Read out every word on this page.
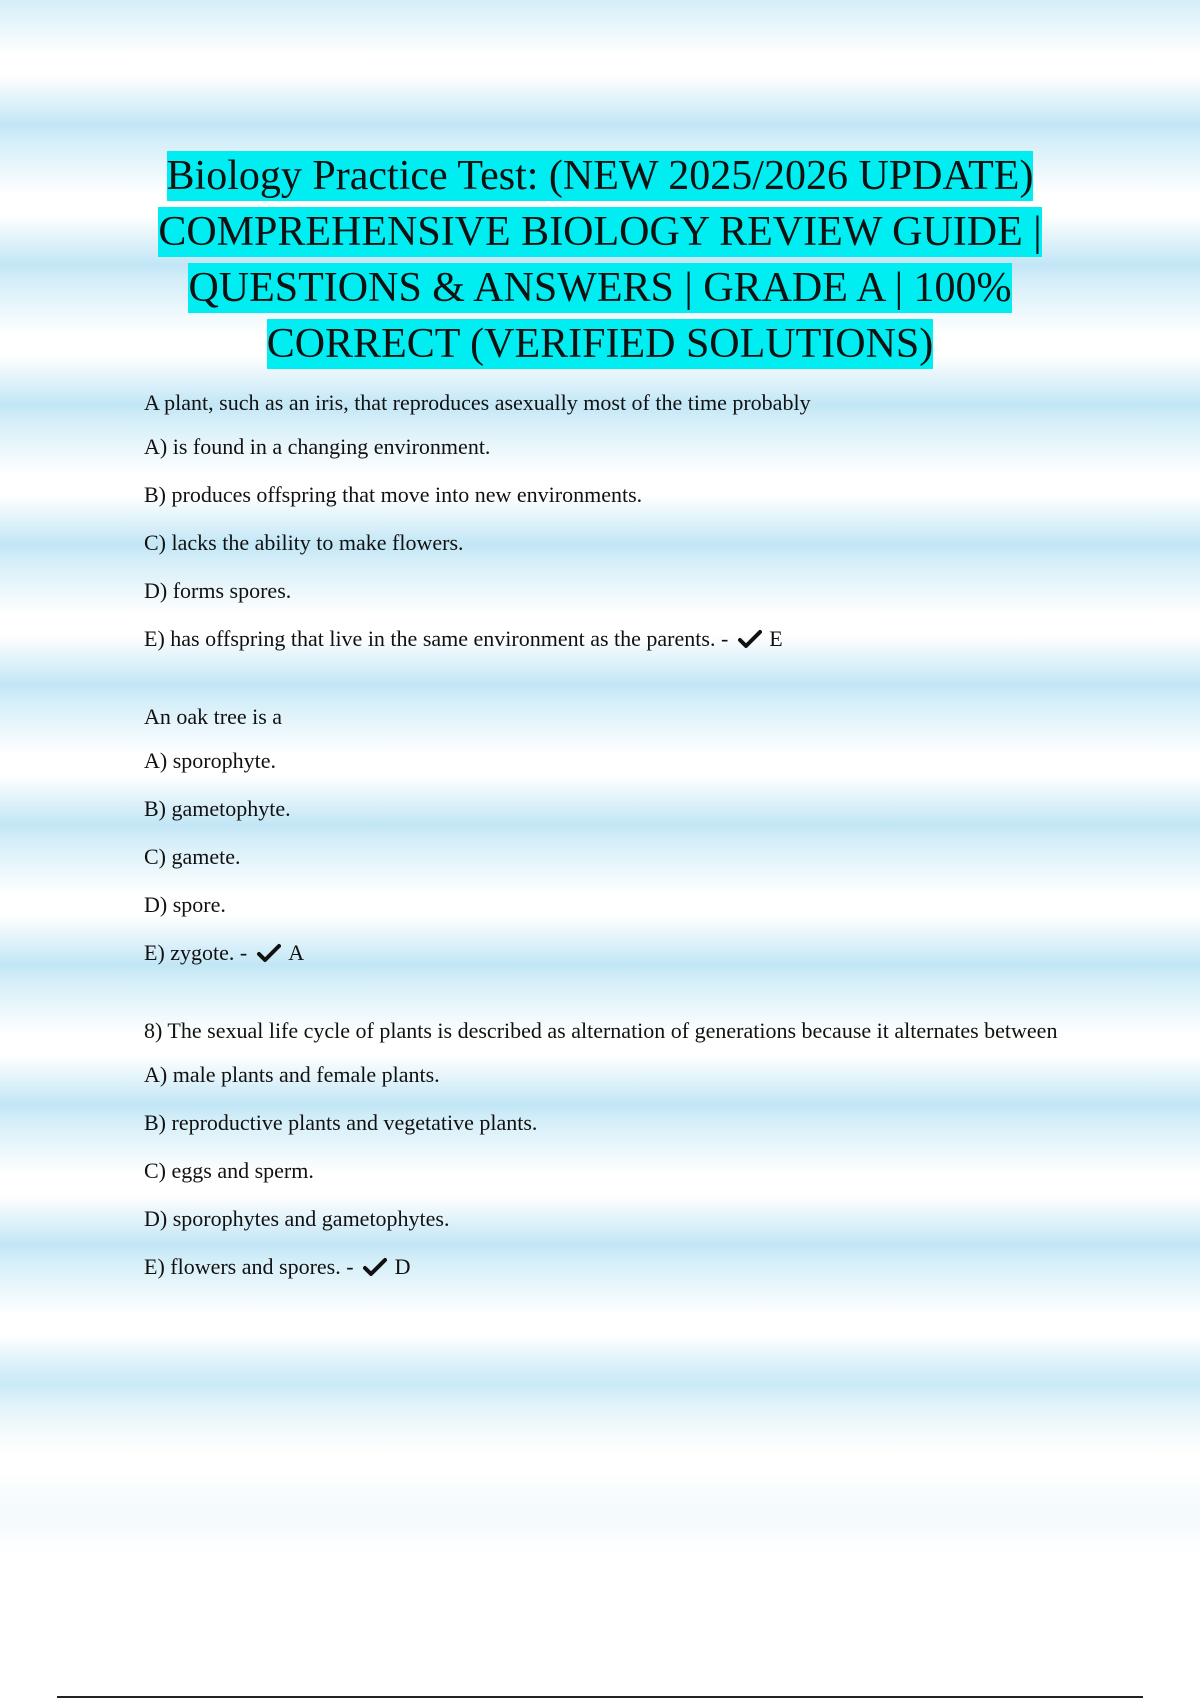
Biology Practice Test: (NEW 2025/2026 UPDATE) COMPREHENSIVE BIOLOGY REVIEW GUIDE | QUESTIONS & ANSWERS | GRADE A | 100% CORRECT (VERIFIED SOLUTIONS)

A plant, such as an iris, that reproduces asexually most of the time probably

A) is found in a changing environment.

B) produces offspring that move into new environments.

C) lacks the ability to make flowers.

D) forms spores.

E) has offspring that live in the same environment as the parents. - E

An oak tree is a

A) sporophyte.

B) gametophyte.

C) gamete.

D) spore.

E) zygote. - A

8) The sexual life cycle of plants is described as alternation of generations because it alternates between

A) male plants and female plants.

B) reproductive plants and vegetative plants.

C) eggs and sperm.

D) sporophytes and gametophytes.

E) flowers and spores. - D
